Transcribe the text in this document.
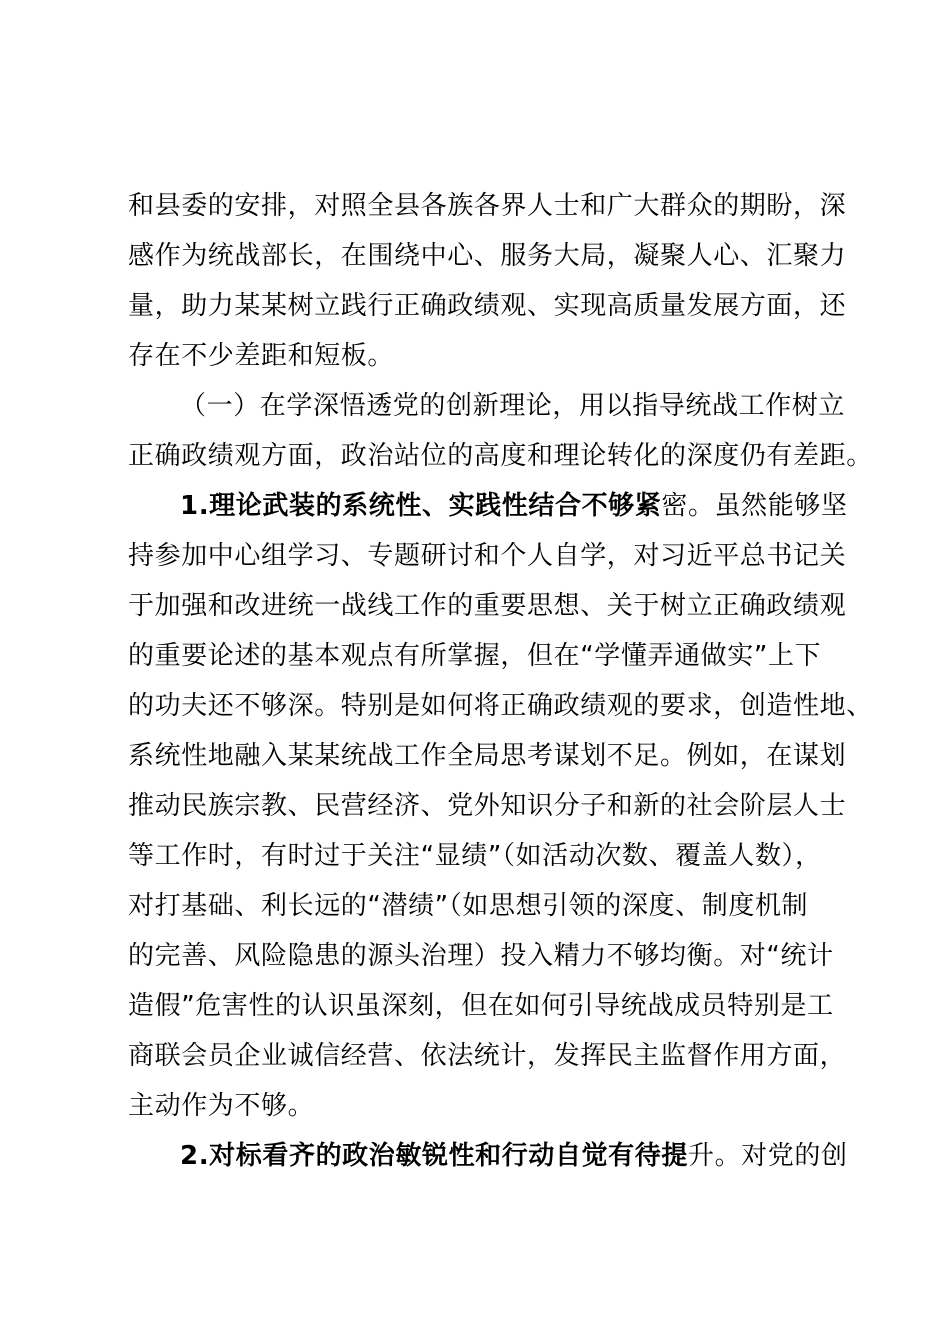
和县委的安排，对照全县各族各界人士和广大群众的期盼，深
感作为统战部长，在围绕中心、服务大局，凝聚人心、汇聚力
量，助力某某树立践行正确政绩观、实现高质量发展方面，还
存在不少差距和短板。
（一）在学深悟透党的创新理论，用以指导统战工作树立
正确政绩观方面，政治站位的高度和理论转化的深度仍有差距。
1.理论武装的系统性、实践性结合不够紧密。虽然能够坚
持参加中心组学习、专题研讨和个人自学，对习近平总书记关
于加强和改进统一战线工作的重要思想、关于树立正确政绩观
的重要论述的基本观点有所掌握，但在“学懂弄通做实”上下
的功夫还不够深。特别是如何将正确政绩观的要求，创造性地、
系统性地融入某某统战工作全局思考谋划不足。例如，在谋划
推动民族宗教、民营经济、党外知识分子和新的社会阶层人士
等工作时，有时过于关注“显绩”（如活动次数、覆盖人数），
对打基础、利长远的“潜绩”（如思想引领的深度、制度机制
的完善、风险隐患的源头治理）投入精力不够均衡。对“统计
造假”危害性的认识虽深刻，但在如何引导统战成员特别是工
商联会员企业诚信经营、依法统计，发挥民主监督作用方面，
主动作为不够。
2.对标看齐的政治敏锐性和行动自觉有待提升。对党的创
